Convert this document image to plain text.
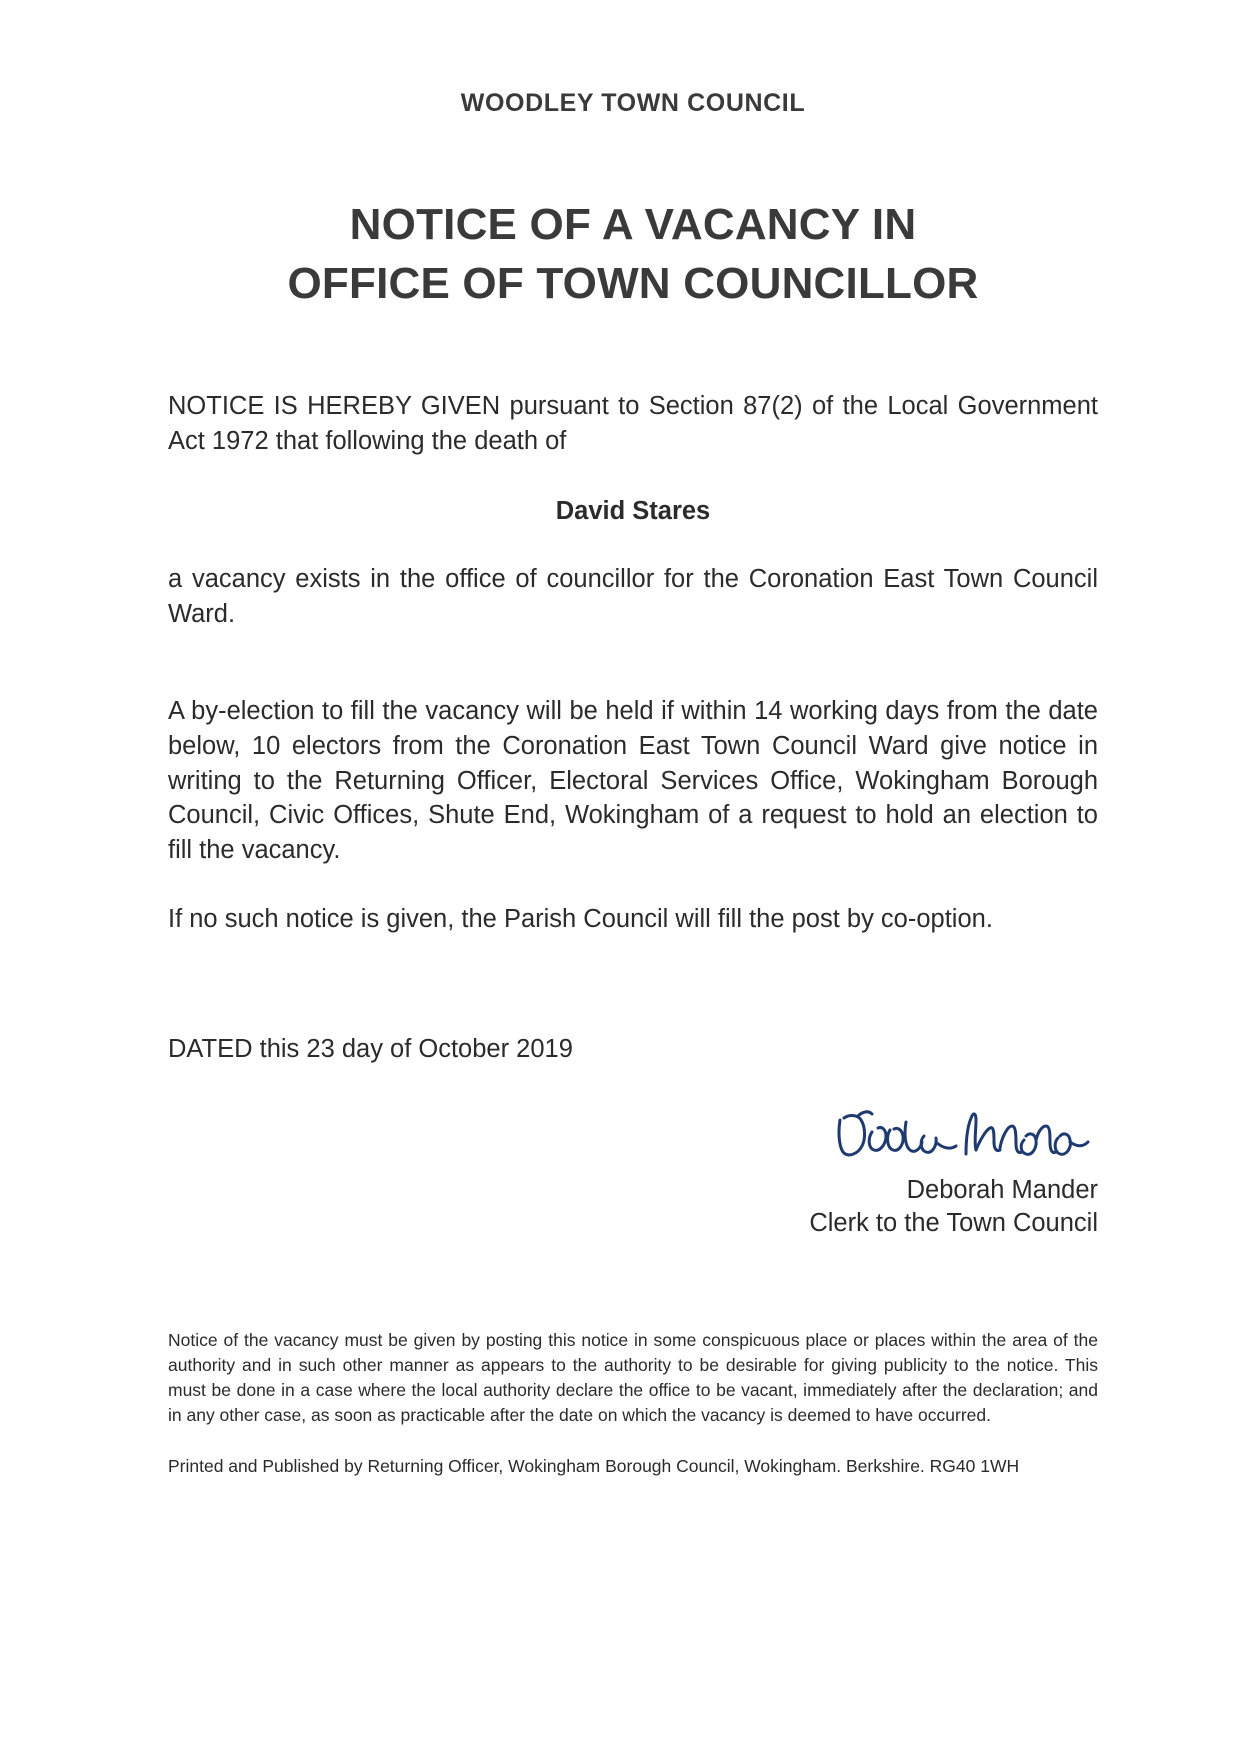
WOODLEY TOWN COUNCIL
NOTICE OF A VACANCY IN
OFFICE OF TOWN COUNCILLOR

NOTICE IS HEREBY GIVEN pursuant to Section 87(2) of the Local Government Act 1972 that following the death of

David Stares

a vacancy exists in the office of councillor for the Coronation East Town Council Ward.

A by-election to fill the vacancy will be held if within 14 working days from the date below, 10 electors from the Coronation East Town Council Ward give notice in writing to the Returning Officer, Electoral Services Office, Wokingham Borough Council, Civic Offices, Shute End, Wokingham of a request to hold an election to fill the vacancy.

If no such notice is given, the Parish Council will fill the post by co-option.

DATED this 23 day of October 2019

Deborah Mander
Clerk to the Town Council

Notice of the vacancy must be given by posting this notice in some conspicuous place or places within the area of the authority and in such other manner as appears to the authority to be desirable for giving publicity to the notice. This must be done in a case where the local authority declare the office to be vacant, immediately after the declaration; and in any other case, as soon as practicable after the date on which the vacancy is deemed to have occurred.

Printed and Published by Returning Officer, Wokingham Borough Council, Wokingham. Berkshire. RG40 1WH
